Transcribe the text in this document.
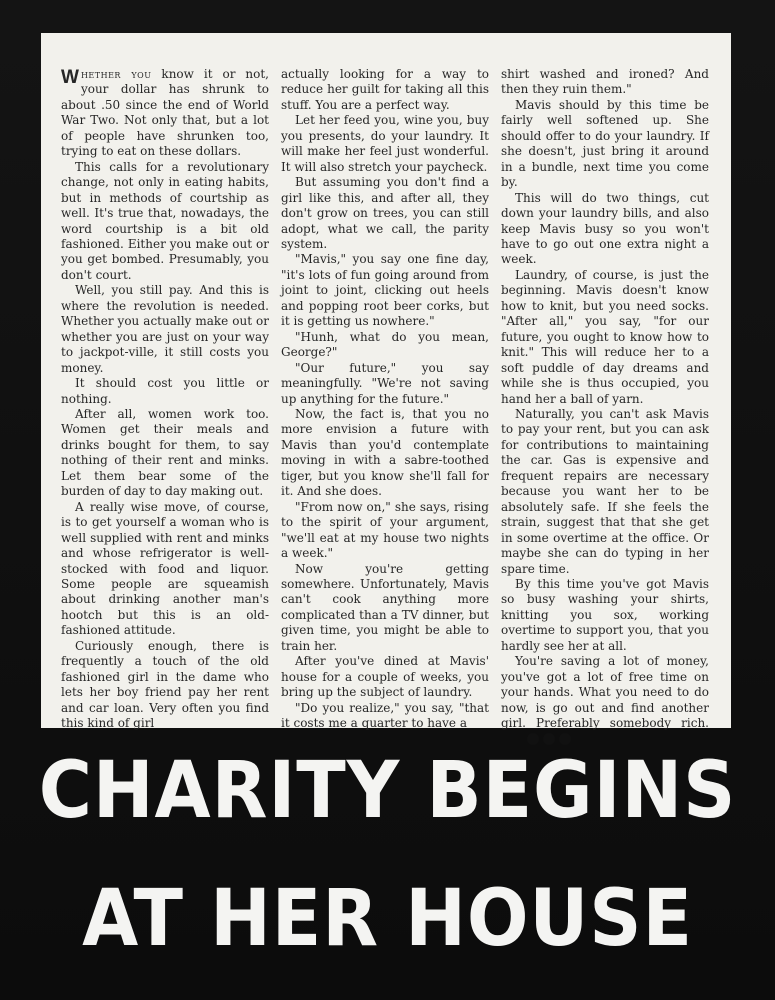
Whether you know it or not, your dollar has shrunk to about .50 since the end of World War Two. Not only that, but a lot of people have shrunken too, trying to eat on these dollars.

This calls for a revolutionary change, not only in eating habits, but in methods of courtship as well. It's true that, nowadays, the word courtship is a bit old fashioned. Either you make out or you get bombed. Presumably, you don't court.

Well, you still pay. And this is where the revolution is needed. Whether you actually make out or whether you are just on your way to jackpot-ville, it still costs you money.

It should cost you little or nothing.

After all, women work too. Women get their meals and drinks bought for them, to say nothing of their rent and minks. Let them bear some of the burden of day to day making out.

A really wise move, of course, is to get yourself a woman who is well supplied with rent and minks and whose refrigerator is well-stocked with food and liquor. Some people are squeamish about drinking another man's hootch but this is an old-fashioned attitude.

Curiously enough, there is frequently a touch of the old fashioned girl in the dame who lets her boy friend pay her rent and car loan. Very often you find this kind of girl

actually looking for a way to reduce her guilt for taking all this stuff. You are a perfect way.

Let her feed you, wine you, buy you presents, do your laundry. It will make her feel just wonderful. It will also stretch your paycheck.

But assuming you don't find a girl like this, and after all, they don't grow on trees, you can still adopt, what we call, the parity system.

"Mavis," you say one fine day, "it's lots of fun going around from joint to joint, clicking out heels and popping root beer corks, but it is getting us nowhere."

"Hunh, what do you mean, George?"

"Our future," you say meaningfully. "We're not saving up anything for the future."

Now, the fact is, that you no more envision a future with Mavis than you'd contemplate moving in with a sabre-toothed tiger, but you know she'll fall for it. And she does.

"From now on," she says, rising to the spirit of your argument, "we'll eat at my house two nights a week."

Now you're getting somewhere. Unfortunately, Mavis can't cook anything more complicated than a TV dinner, but given time, you might be able to train her.

After you've dined at Mavis' house for a couple of weeks, you bring up the subject of laundry.

"Do you realize," you say, "that it costs me a quarter to have a

shirt washed and ironed? And then they ruin them."

Mavis should by this time be fairly well softened up. She should offer to do your laundry. If she doesn't, just bring it around in a bundle, next time you come by.

This will do two things, cut down your laundry bills, and also keep Mavis busy so you won't have to go out one extra night a week.

Laundry, of course, is just the beginning. Mavis doesn't know how to knit, but you need socks. "After all," you say, "for our future, you ought to know how to knit." This will reduce her to a soft puddle of day dreams and while she is thus occupied, you hand her a ball of yarn.

Naturally, you can't ask Mavis to pay your rent, but you can ask for contributions to maintaining the car. Gas is expensive and frequent repairs are necessary because you want her to be absolutely safe. If she feels the strain, suggest that that she get in some overtime at the office. Or maybe she can do typing in her spare time.

By this time you've got Mavis so busy washing your shirts, knitting you sox, working overtime to support you, that you hardly see her at all.

You're saving a lot of money, you've got a lot of free time on your hands. What you need to do now, is go out and find another girl. Preferably somebody rich.

CHARITY BEGINS
AT HER HOUSE
